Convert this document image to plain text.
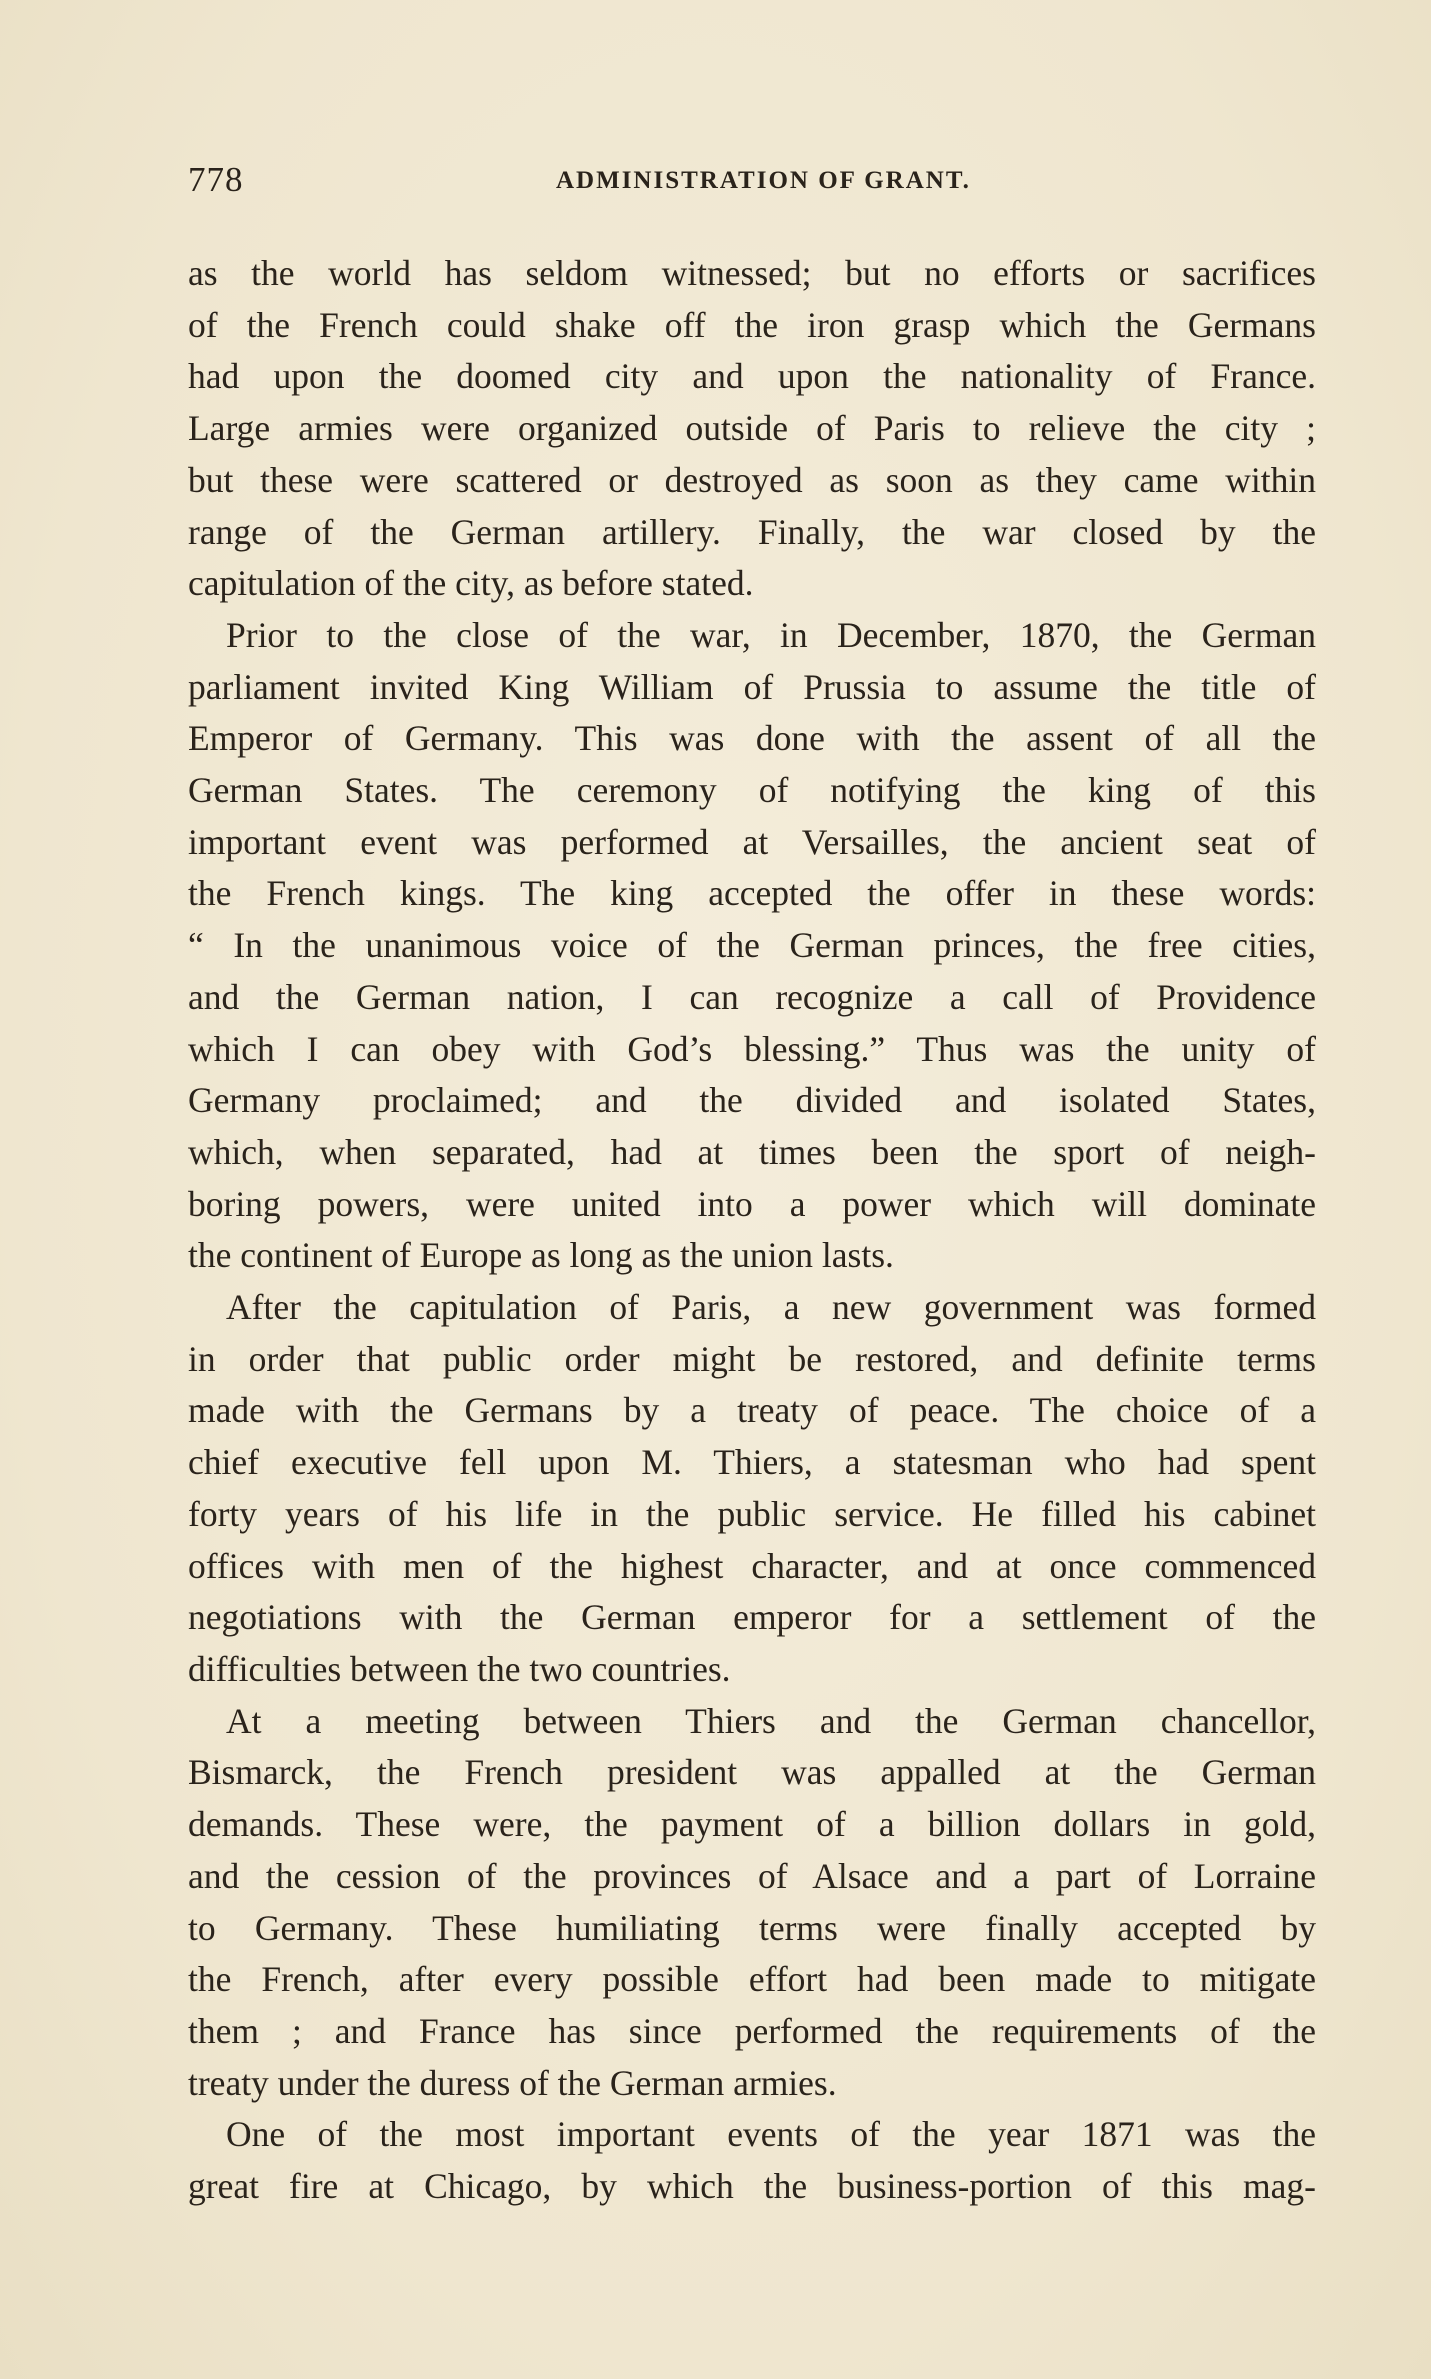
778	ADMINISTRATION OF GRANT.
as the world has seldom witnessed; but no efforts or sacrifices
of the French could shake off the iron grasp which the Germans
had upon the doomed city and upon the nationality of France.
Large armies were organized outside of Paris to relieve the city ;
but these were scattered or destroyed as soon as they came within
range of the German artillery. Finally, the war closed by the
capitulation of the city, as before stated.
Prior to the close of the war, in December, 1870, the German
parliament invited King William of Prussia to assume the title of
Emperor of Germany. This was done with the assent of all the
German States. The ceremony of notifying the king of this
important event was performed at Versailles, the ancient seat of
the French kings. The king accepted the offer in these words:
“ In the unanimous voice of the German princes, the free cities,
and the German nation, I can recognize a call of Providence
which I can obey with God’s blessing.” Thus was the unity of
Germany proclaimed; and the divided and isolated States,
which, when separated, had at times been the sport of neigh-
boring powers, were united into a power which will dominate
the continent of Europe as long as the union lasts.
After the capitulation of Paris, a new government was formed
in order that public order might be restored, and definite terms
made with the Germans by a treaty of peace. The choice of a
chief executive fell upon M. Thiers, a statesman who had spent
forty years of his life in the public service. He filled his cabinet
offices with men of the highest character, and at once commenced
negotiations with the German emperor for a settlement of the
difficulties between the two countries.
At a meeting between Thiers and the German chancellor,
Bismarck, the French president was appalled at the German
demands. These were, the payment of a billion dollars in gold,
and the cession of the provinces of Alsace and a part of Lorraine
to Germany. These humiliating terms were finally accepted by
the French, after every possible effort had been made to mitigate
them ; and France has since performed the requirements of the
treaty under the duress of the German armies.
One of the most important events of the year 1871 was the
great fire at Chicago, by which the business-portion of this mag-
